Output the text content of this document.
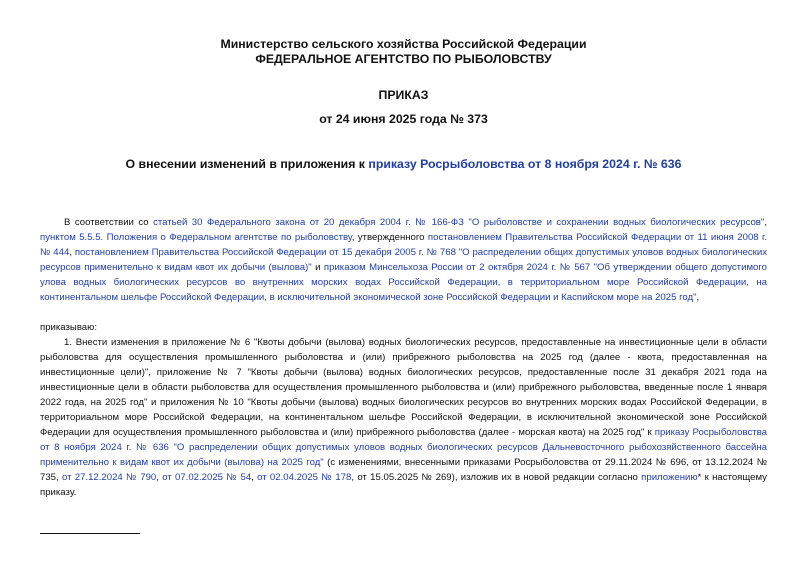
Министерство сельского хозяйства Российской Федерации
ФЕДЕРАЛЬНОЕ АГЕНТСТВО ПО РЫБОЛОВСТВУ
ПРИКАЗ
от 24 июня 2025 года № 373
О внесении изменений в приложения к приказу Росрыболовства от 8 ноября 2024 г. № 636
В соответствии со статьей 30 Федерального закона от 20 декабря 2004 г. № 166-ФЗ "О рыболовстве и сохранении водных биологических ресурсов", пунктом 5.5.5. Положения о Федеральном агентстве по рыболовству, утвержденного постановлением Правительства Российской Федерации от 11 июня 2008 г. № 444, постановлением Правительства Российской Федерации от 15 декабря 2005 г. № 768 "О распределении общих допустимых уловов водных биологических ресурсов применительно к видам квот их добычи (вылова)" и приказом Минсельхоза России от 2 октября 2024 г. № 567 "Об утверждении общего допустимого улова водных биологических ресурсов во внутренних морских водах Российской Федерации, в территориальном море Российской Федерации, на континентальном шельфе Российской Федерации, в исключительной экономической зоне Российской Федерации и Каспийском море на 2025 год",
приказываю:
1. Внести изменения в приложение № 6 "Квоты добычи (вылова) водных биологических ресурсов, предоставленные на инвестиционные цели в области рыболовства для осуществления промышленного рыболовства и (или) прибрежного рыболовства на 2025 год (далее - квота, предоставленная на инвестиционные цели)", приложение № 7 "Квоты добычи (вылова) водных биологических ресурсов, предоставленные после 31 декабря 2021 года на инвестиционные цели в области рыболовства для осуществления промышленного рыболовства и (или) прибрежного рыболовства, введенные после 1 января 2022 года, на 2025 год" и приложения № 10 "Квоты добычи (вылова) водных биологических ресурсов во внутренних морских водах Российской Федерации, в территориальном море Российской Федерации, на континентальном шельфе Российской Федерации, в исключительной экономической зоне Российской Федерации для осуществления промышленного рыболовства и (или) прибрежного рыболовства (далее - морская квота) на 2025 год" к приказу Росрыболовства от 8 ноября 2024 г. № 636 "О распределении общих допустимых уловов водных биологических ресурсов Дальневосточного рыбохозяйственного бассейна применительно к видам квот их добычи (вылова) на 2025 год" (с изменениями, внесенными приказами Росрыболовства от 29.11.2024 № 696, от 13.12.2024 № 735, от 27.12.2024 № 790, от 07.02.2025 № 54, от 02.04.2025 № 178, от 15.05.2025 № 269), изложив их в новой редакции согласно приложению* к настоящему приказу.
